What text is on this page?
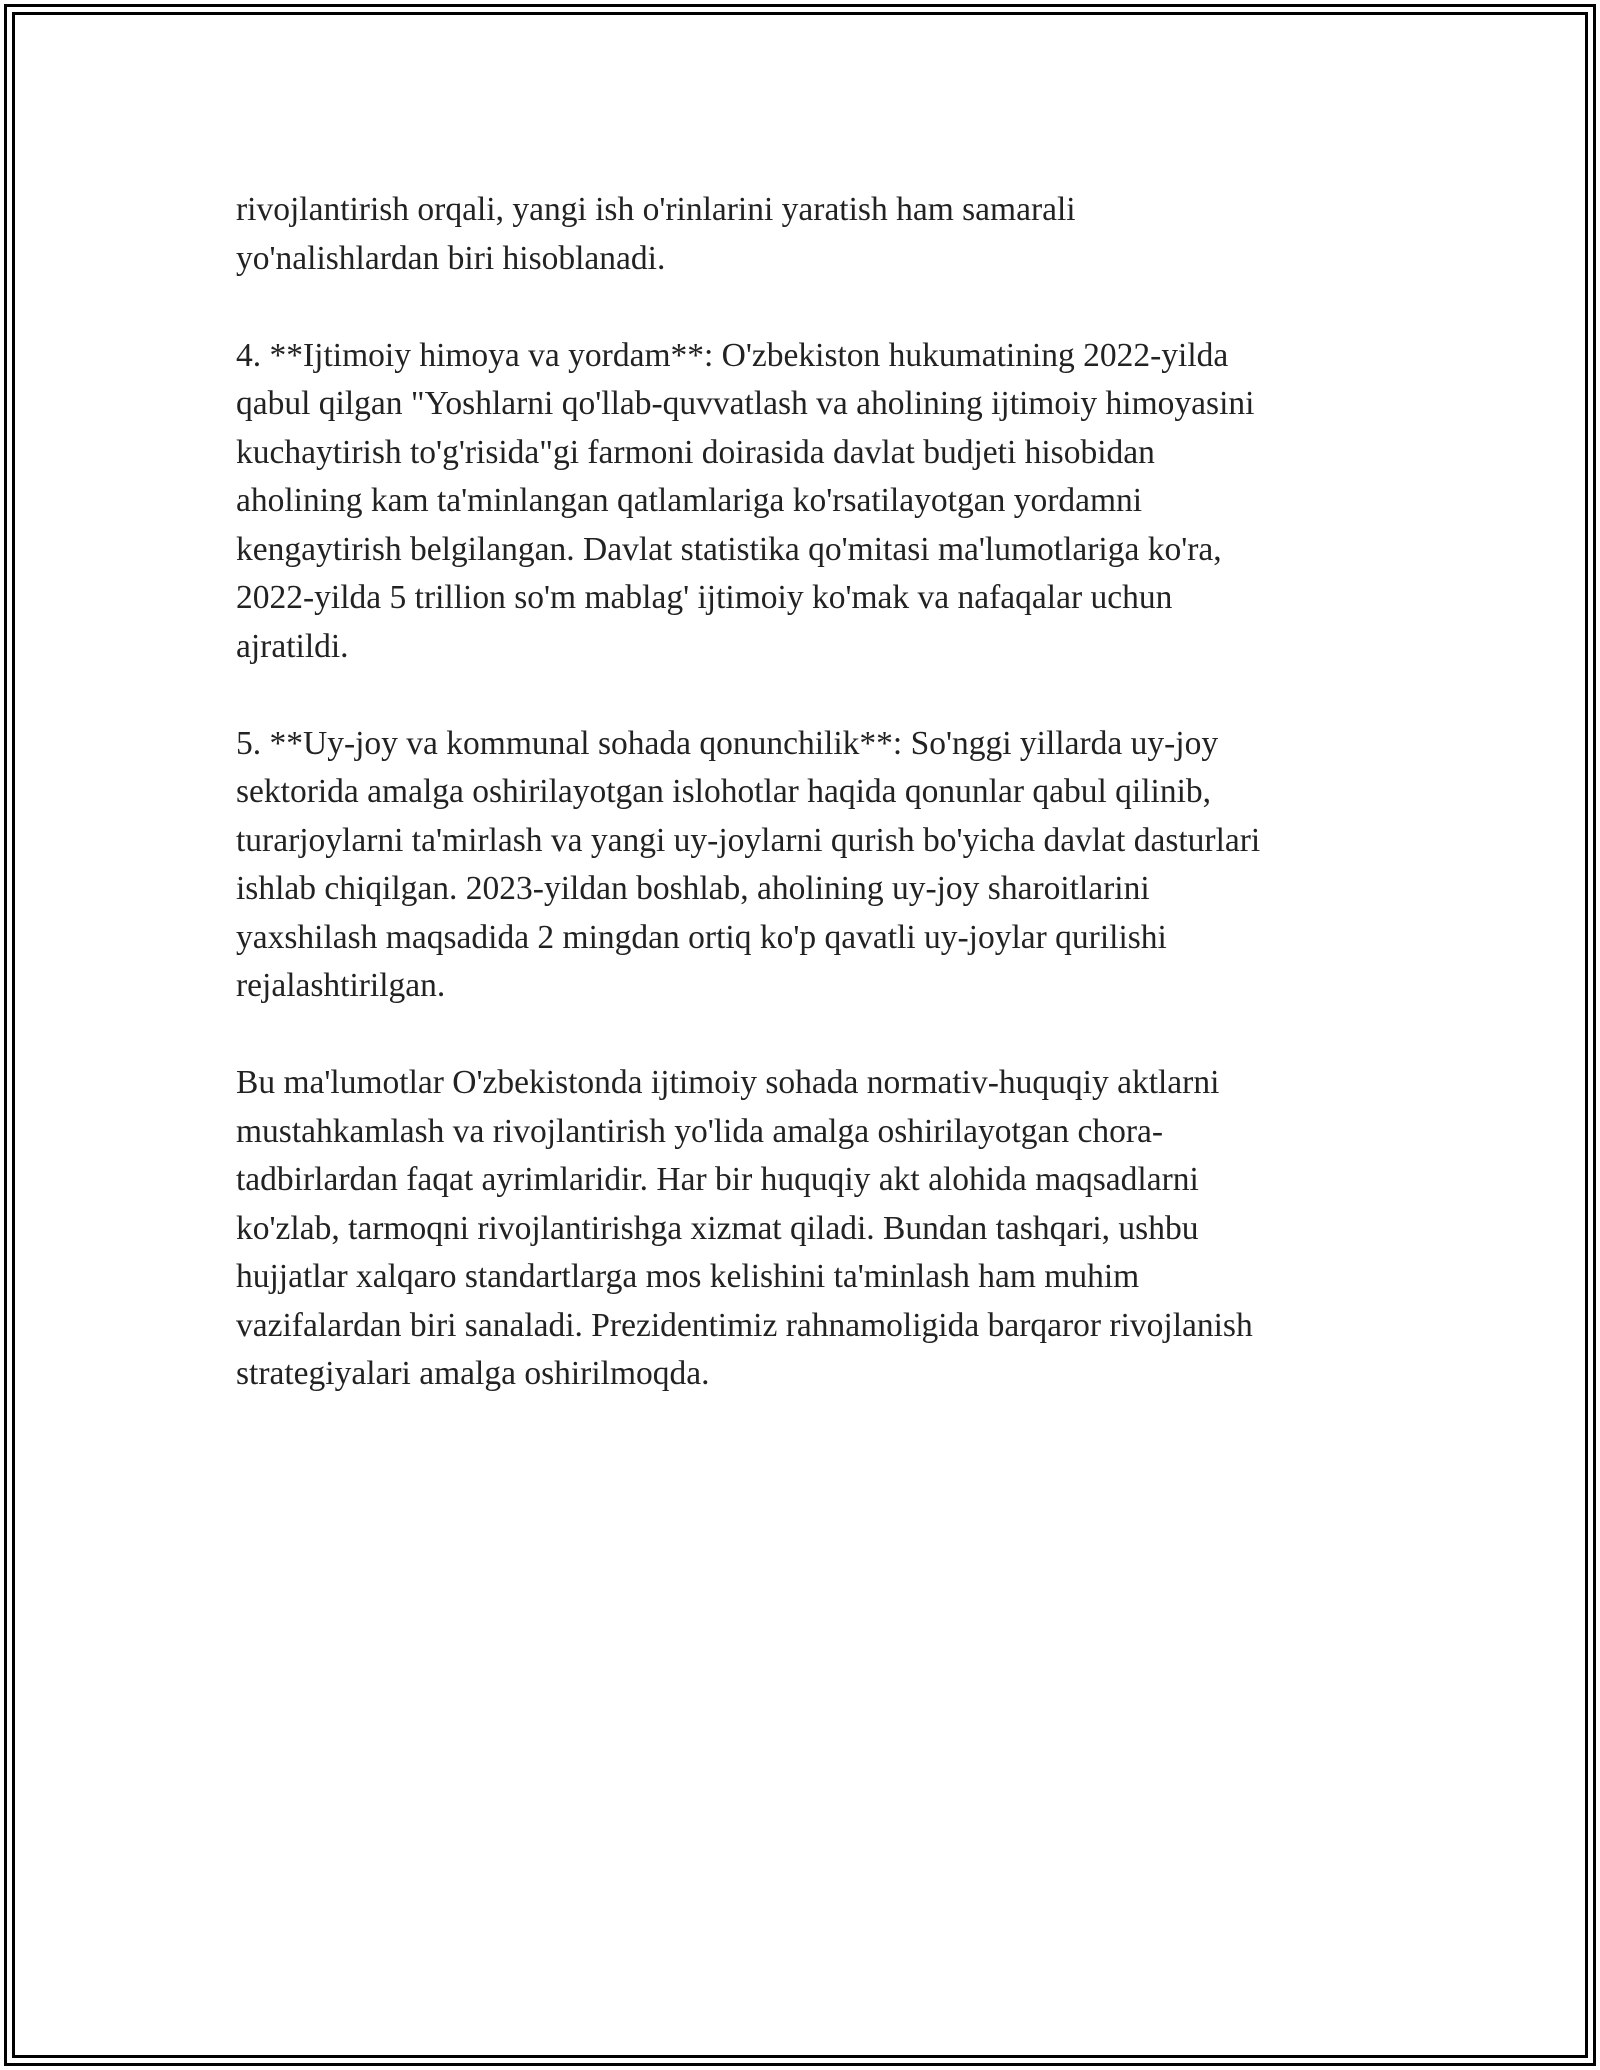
rivojlantirish orqali, yangi ish o'rinlarini yaratish ham samarali
yo'nalishlardan biri hisoblanadi.

4. **Ijtimoiy himoya va yordam**: O'zbekiston hukumatining 2022-yilda
qabul qilgan "Yoshlarni qo'llab-quvvatlash va aholining ijtimoiy himoyasini
kuchaytirish to'g'risida"gi farmoni doirasida davlat budjeti hisobidan
aholining kam ta'minlangan qatlamlariga ko'rsatilayotgan yordamni
kengaytirish belgilangan. Davlat statistika qo'mitasi ma'lumotlariga ko'ra,
2022-yilda 5 trillion so'm mablag' ijtimoiy ko'mak va nafaqalar uchun
ajratildi.

5. **Uy-joy va kommunal sohada qonunchilik**: So'nggi yillarda uy-joy
sektorida amalga oshirilayotgan islohotlar haqida qonunlar qabul qilinib,
turarjoylarni ta'mirlash va yangi uy-joylarni qurish bo'yicha davlat dasturlari
ishlab chiqilgan. 2023-yildan boshlab, aholining uy-joy sharoitlarini
yaxshilash maqsadida 2 mingdan ortiq ko'p qavatli uy-joylar qurilishi
rejalashtirilgan.

Bu ma'lumotlar O'zbekistonda ijtimoiy sohada normativ-huquqiy aktlarni
mustahkamlash va rivojlantirish yo'lida amalga oshirilayotgan chora-
tadbirlardan faqat ayrimlaridir. Har bir huquqiy akt alohida maqsadlarni
ko'zlab, tarmoqni rivojlantirishga xizmat qiladi. Bundan tashqari, ushbu
hujjatlar xalqaro standartlarga mos kelishini ta'minlash ham muhim
vazifalardan biri sanaladi. Prezidentimiz rahnamoligida barqaror rivojlanish
strategiyalari amalga oshirilmoqda.
